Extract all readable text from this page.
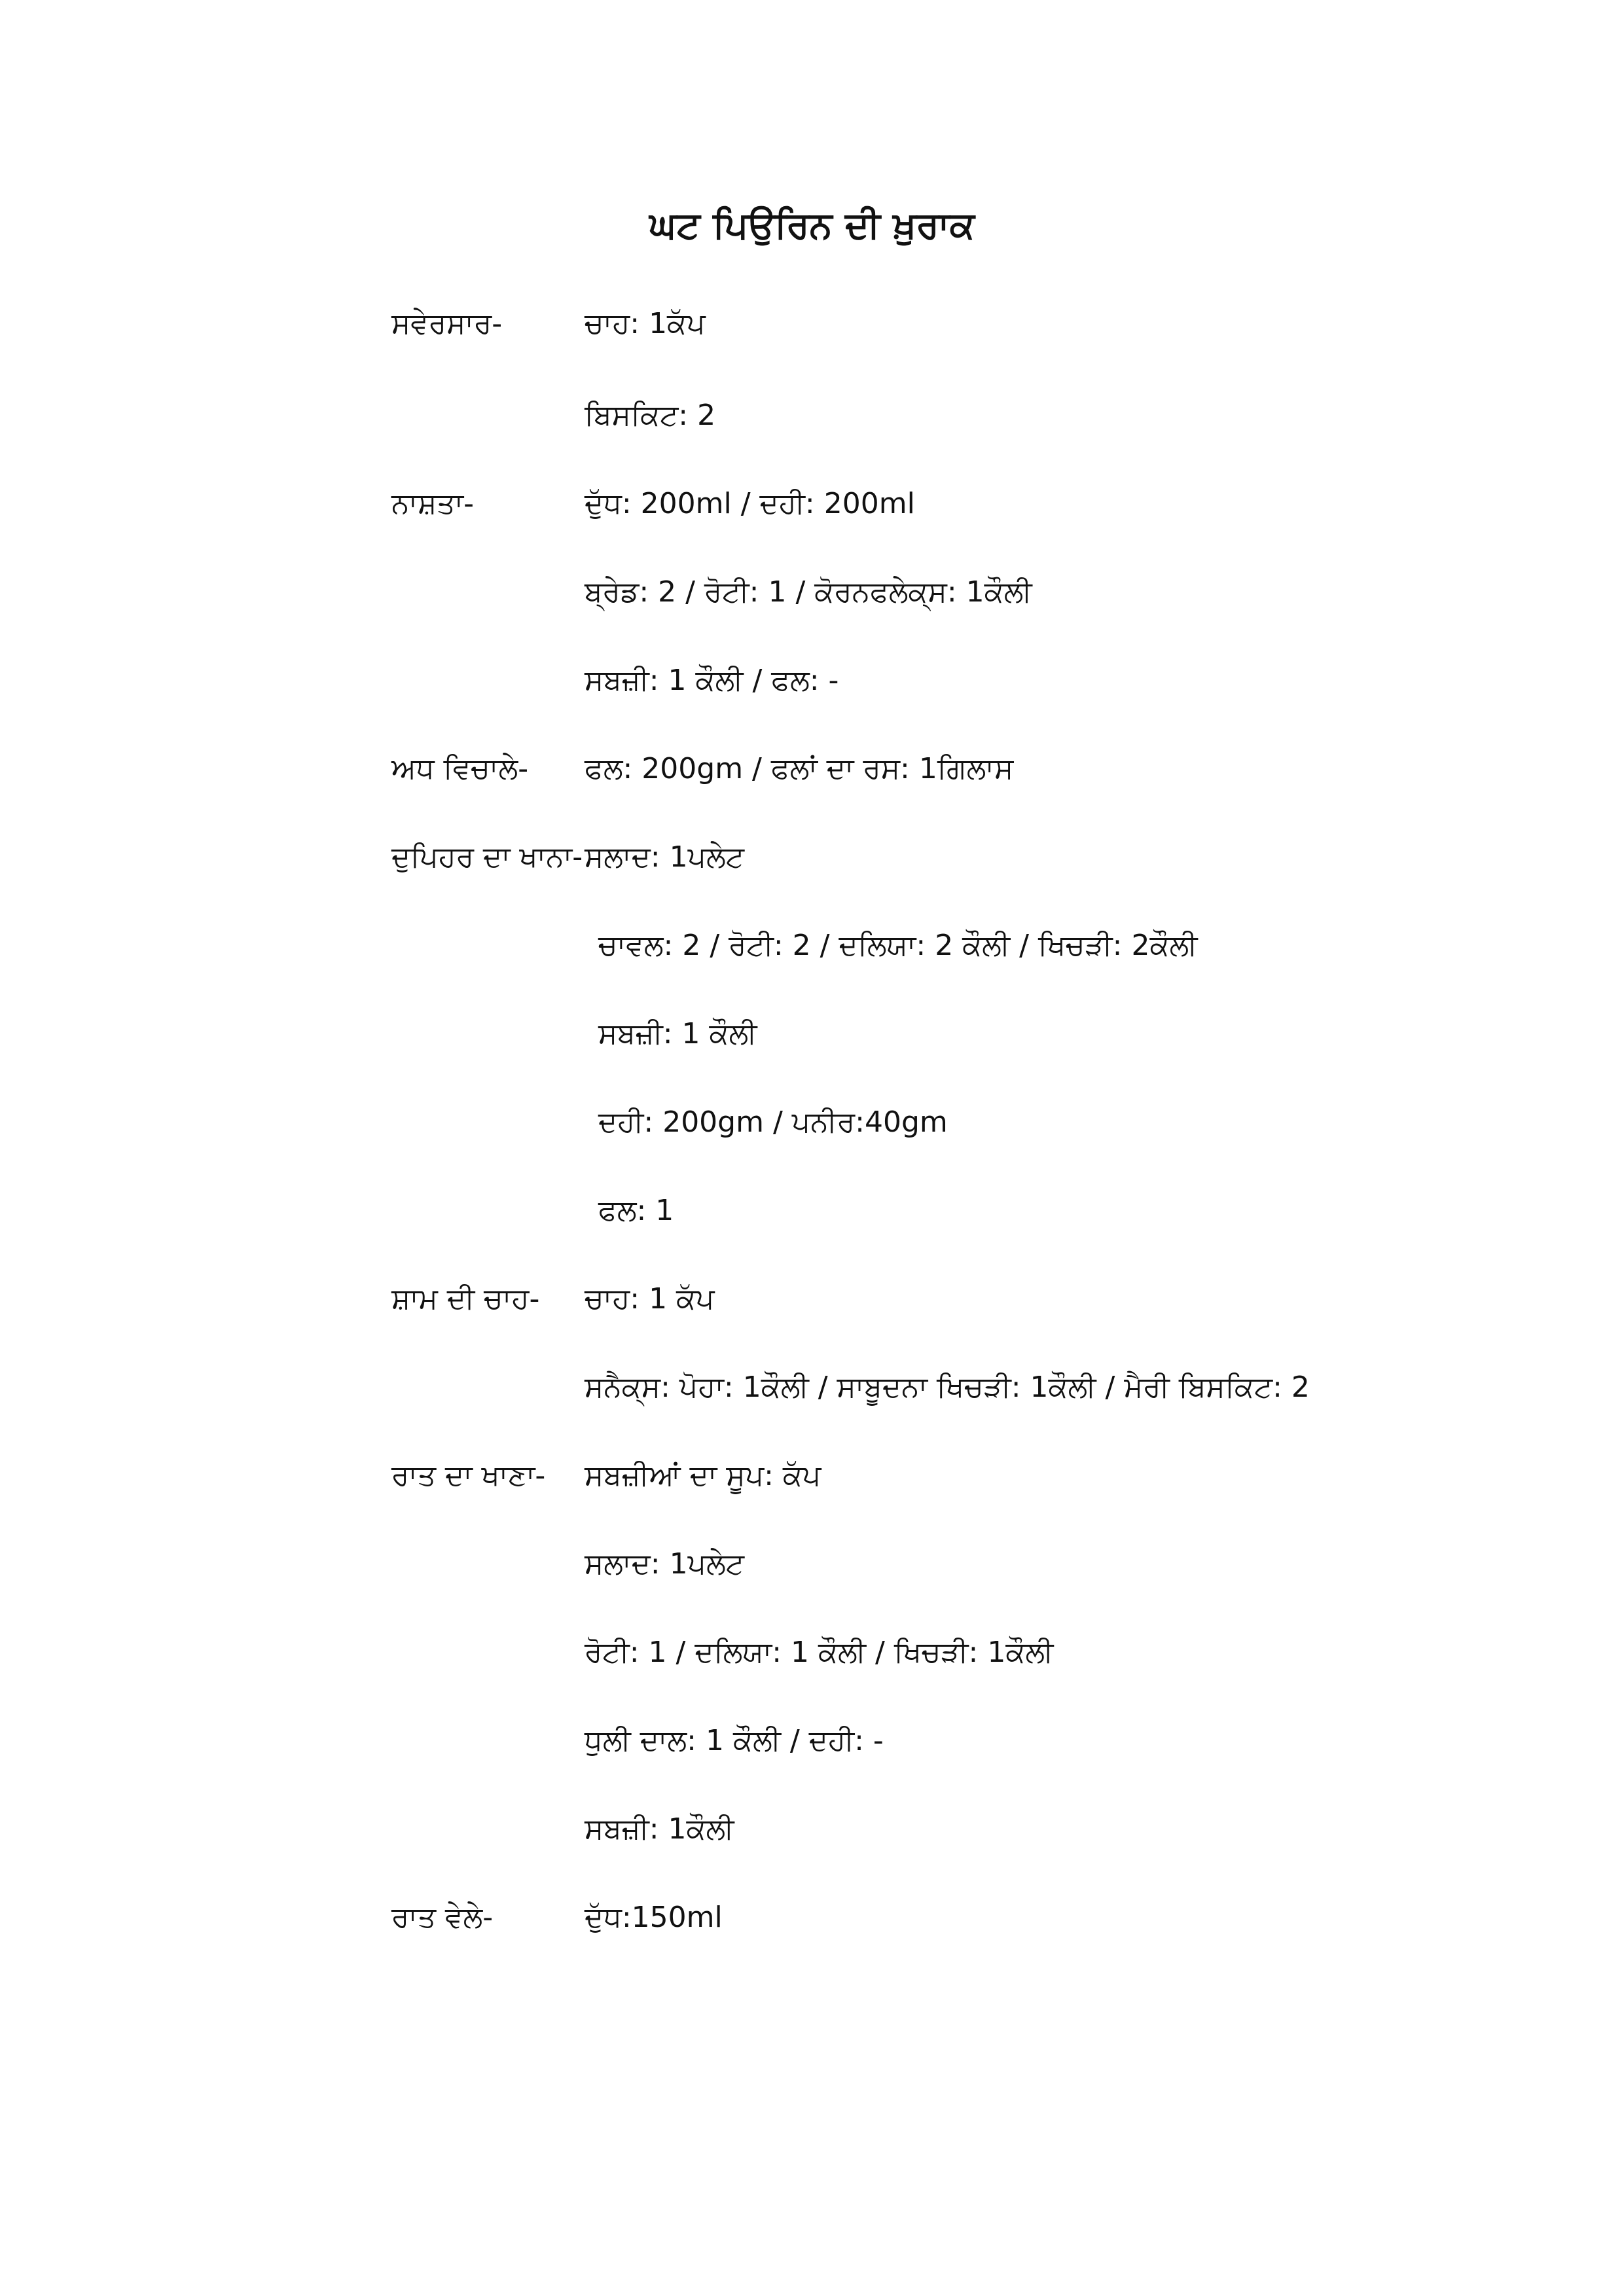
ਘਟ ਪਿਉਰਿਨ ਦੀ ਖ਼ੁਰਾਕ
ਸਵੇਰਸਾਰ-	ਚਾਹ: 1ਕੱਪ
ਬਿਸਕਿਟ: 2
ਨਾਸ਼ਤਾ-	ਦੁੱਧ: 200ml / ਦਹੀ: 200ml
ਬ੍ਰੇਡ: 2 / ਰੋਟੀ: 1 / ਕੋਰਨਫਲੇਕ੍ਸ: 1ਕੌਲੀ
ਸਬਜ਼ੀ: 1 ਕੌਲੀ / ਫਲ: -
ਅਧ ਵਿਚਾਲੇ- ਫਲ: 200gm / ਫਲਾਂ ਦਾ ਰਸ: 1ਗਿਲਾਸ
ਦੁਪਿਹਰ ਦਾ ਖਾਨਾ- ਸਲਾਦ: 1ਪਲੇਟ
ਚਾਵਲ: 2 / ਰੋਟੀ: 2 / ਦਲਿਯਾ: 2 ਕੌਲੀ / ਖਿਚੜੀ: 2ਕੌਲੀ
ਸਬਜ਼ੀ: 1 ਕੌਲੀ
ਦਹੀ: 200gm / ਪਨੀਰ:40gm
ਫਲ: 1
ਸ਼ਾਮ ਦੀ ਚਾਹ- ਚਾਹ: 1 ਕੱਪ
ਸਨੈਕ੍ਸ: ਪੋਹਾ: 1ਕੌਲੀ / ਸਾਬੂਦਨਾ ਖਿਚੜੀ: 1ਕੌਲੀ / ਮੈਰੀ ਬਿਸਕਿਟ: 2
ਰਾਤ ਦਾ ਖਾਣਾ- ਸਬਜ਼ੀਆਂ ਦਾ ਸੂਪ: ਕੱਪ
ਸਲਾਦ: 1ਪਲੇਟ
ਰੋਟੀ: 1 / ਦਲਿਯਾ: 1 ਕੌਲੀ / ਖਿਚੜੀ: 1ਕੌਲੀ
ਧੁਲੀ ਦਾਲ: 1 ਕੌਲੀ / ਦਹੀ: -
ਸਬਜ਼ੀ: 1ਕੌਲੀ
ਰਾਤ ਵੇਲੇ-	ਦੁੱਧ:150ml
